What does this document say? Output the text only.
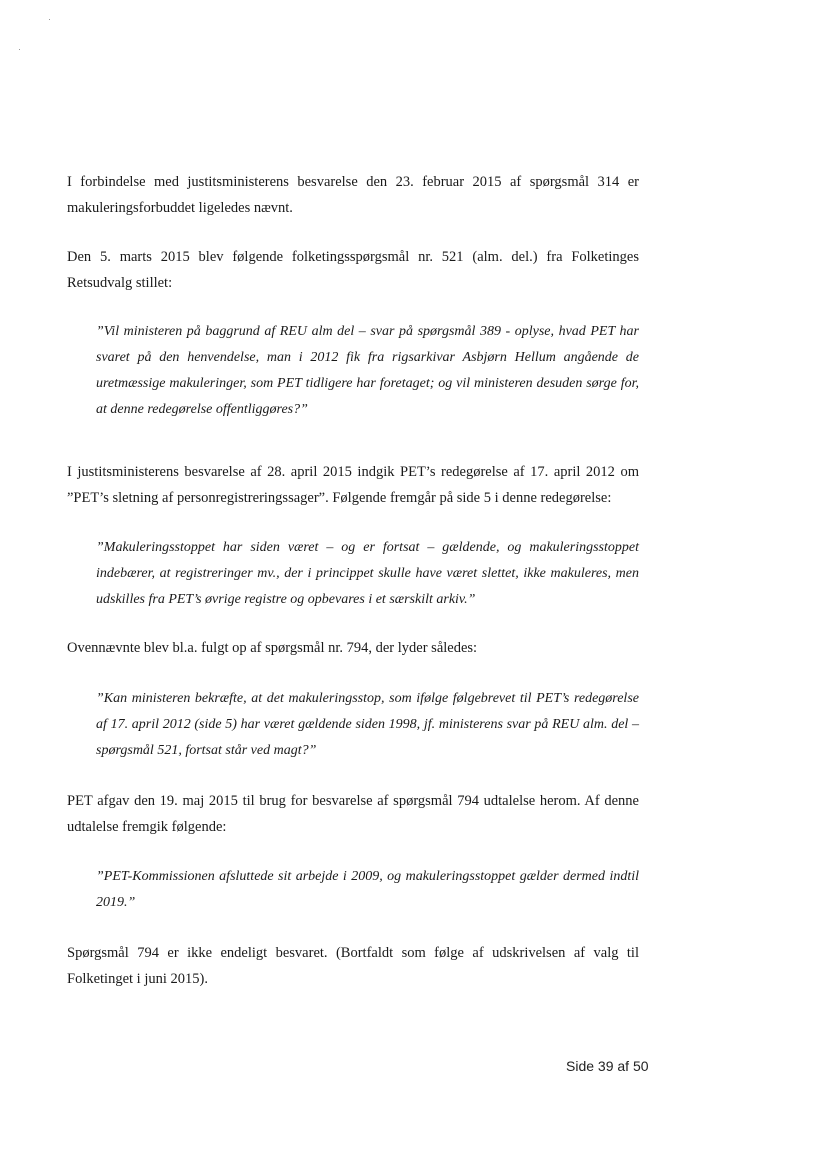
I forbindelse med justitsministerens besvarelse den 23. februar 2015 af spørgsmål 314 er makuleringsforbuddet ligeledes nævnt.

Den 5. marts 2015 blev følgende folketingsspørgsmål nr. 521 (alm. del.) fra Folketinges Retsudvalg stillet:

”Vil ministeren på baggrund af REU alm del – svar på spørgsmål 389 - oplyse, hvad PET har svaret på den henvendelse, man i 2012 fik fra rigsarkivar Asbjørn Hellum angående de uretmæssige makuleringer, som PET tidligere har foretaget; og vil ministeren desuden sørge for, at denne redegørelse offentliggøres?”

I justitsministerens besvarelse af 28. april 2015 indgik PET’s redegørelse af 17. april 2012 om ”PET’s sletning af personregistreringssager”. Følgende fremgår på side 5 i denne redegørelse:

”Makuleringsstoppet har siden været – og er fortsat – gældende, og makuleringsstoppet indebærer, at registreringer mv., der i princippet skulle have været slettet, ikke makuleres, men udskilles fra PET’s øvrige registre og opbevares i et særskilt arkiv.”

Ovennævnte blev bl.a. fulgt op af spørgsmål nr. 794, der lyder således:

”Kan ministeren bekræfte, at det makuleringsstop, som ifølge følgebrevet til PET’s redegørelse af 17. april 2012 (side 5) har været gældende siden 1998, jf. ministerens svar på REU alm. del – spørgsmål 521, fortsat står ved magt?”

PET afgav den 19. maj 2015 til brug for besvarelse af spørgsmål 794 udtalelse herom. Af denne udtalelse fremgik følgende:

”PET-Kommissionen afsluttede sit arbejde i 2009, og makuleringsstoppet gælder dermed indtil 2019.”

Spørgsmål 794 er ikke endeligt besvaret. (Bortfaldt som følge af udskrivelsen af valg til Folketinget i juni 2015).

Side 39 af 50
